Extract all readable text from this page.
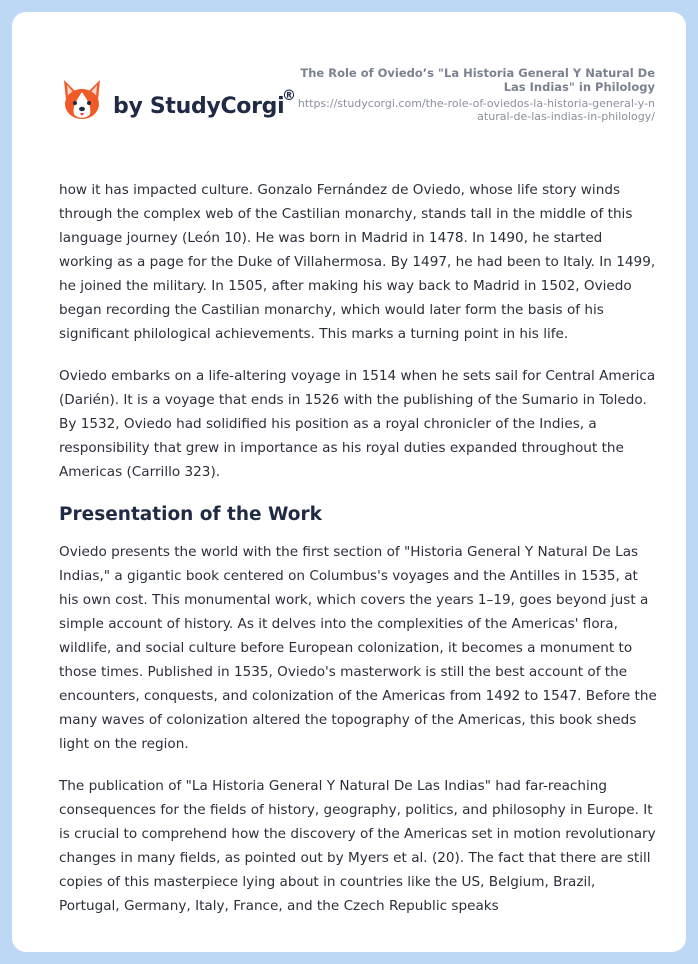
by StudyCorgi
®
The Role of Oviedo’s "La Historia General Y Natural De Las Indias" in Philology
https://studycorgi.com/the-role-of-oviedos-la-historia-general-y-natural-de-las-indias-in-philology/

how it has impacted culture. Gonzalo Fernández de Oviedo, whose life story winds through the complex web of the Castilian monarchy, stands tall in the middle of this language journey (León 10). He was born in Madrid in 1478. In 1490, he started working as a page for the Duke of Villahermosa. By 1497, he had been to Italy. In 1499, he joined the military. In 1505, after making his way back to Madrid in 1502, Oviedo began recording the Castilian monarchy, which would later form the basis of his significant philological achievements. This marks a turning point in his life.

Oviedo embarks on a life-altering voyage in 1514 when he sets sail for Central America (Darién). It is a voyage that ends in 1526 with the publishing of the Sumario in Toledo. By 1532, Oviedo had solidified his position as a royal chronicler of the Indies, a responsibility that grew in importance as his royal duties expanded throughout the Americas (Carrillo 323).

Presentation of the Work

Oviedo presents the world with the first section of "Historia General Y Natural De Las Indias," a gigantic book centered on Columbus's voyages and the Antilles in 1535, at his own cost. This monumental work, which covers the years 1–19, goes beyond just a simple account of history. As it delves into the complexities of the Americas' flora, wildlife, and social culture before European colonization, it becomes a monument to those times. Published in 1535, Oviedo's masterwork is still the best account of the encounters, conquests, and colonization of the Americas from 1492 to 1547. Before the many waves of colonization altered the topography of the Americas, this book sheds light on the region.

The publication of "La Historia General Y Natural De Las Indias" had far-reaching consequences for the fields of history, geography, politics, and philosophy in Europe. It is crucial to comprehend how the discovery of the Americas set in motion revolutionary changes in many fields, as pointed out by Myers et al. (20). The fact that there are still copies of this masterpiece lying about in countries like the US, Belgium, Brazil, Portugal, Germany, Italy, France, and the Czech Republic speaks
